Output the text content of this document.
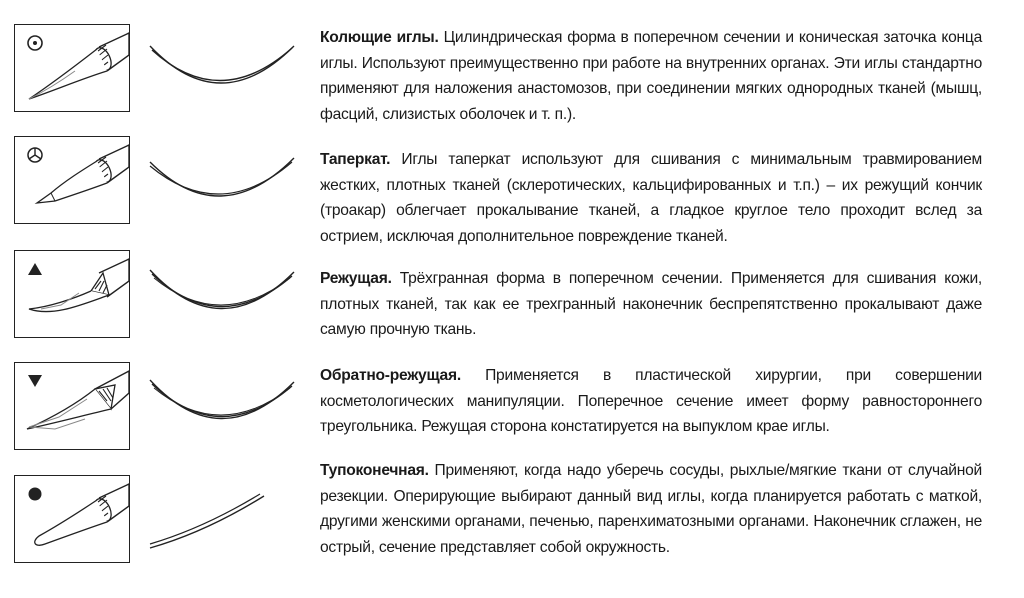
Колющие иглы. Цилиндрическая форма в поперечном сечении и коническая заточка конца иглы. Используют преимущественно при работе на внутренних органах. Эти иглы стандартно применяют для наложения анастомозов, при соединении мягких однородных тканей (мышц, фасций, слизистых оболочек и т. п.).
Таперкат. Иглы таперкат используют для сшивания с минимальным травмированием жестких, плотных тканей (склеротических, кальцифированных и т.п.) – их режущий кончик (троакар) облегчает прокалывание тканей, а гладкое круглое тело проходит вслед за острием, исключая дополнительное повреждение тканей.
Режущая. Трёхгранная форма в поперечном сечении. Применяется для сшивания кожи, плотных тканей, так как ее трехгранный наконечник беспрепятственно прокалывают даже самую прочную ткань.
Обратно-режущая. Применяется в пластической хирургии, при совершении косметологических манипуляции. Поперечное сечение имеет форму равностороннего треугольника. Режущая сторона констатируется на выпуклом крае иглы.
Тупоконечная. Применяют, когда надо уберечь сосуды, рыхлые/мягкие ткани от случайной резекции. Оперирующие выбирают данный вид иглы, когда планируется работать с маткой, другими женскими органами, печенью, паренхиматозными органами. Наконечник сглажен, не острый, сечение представляет собой окружность.
